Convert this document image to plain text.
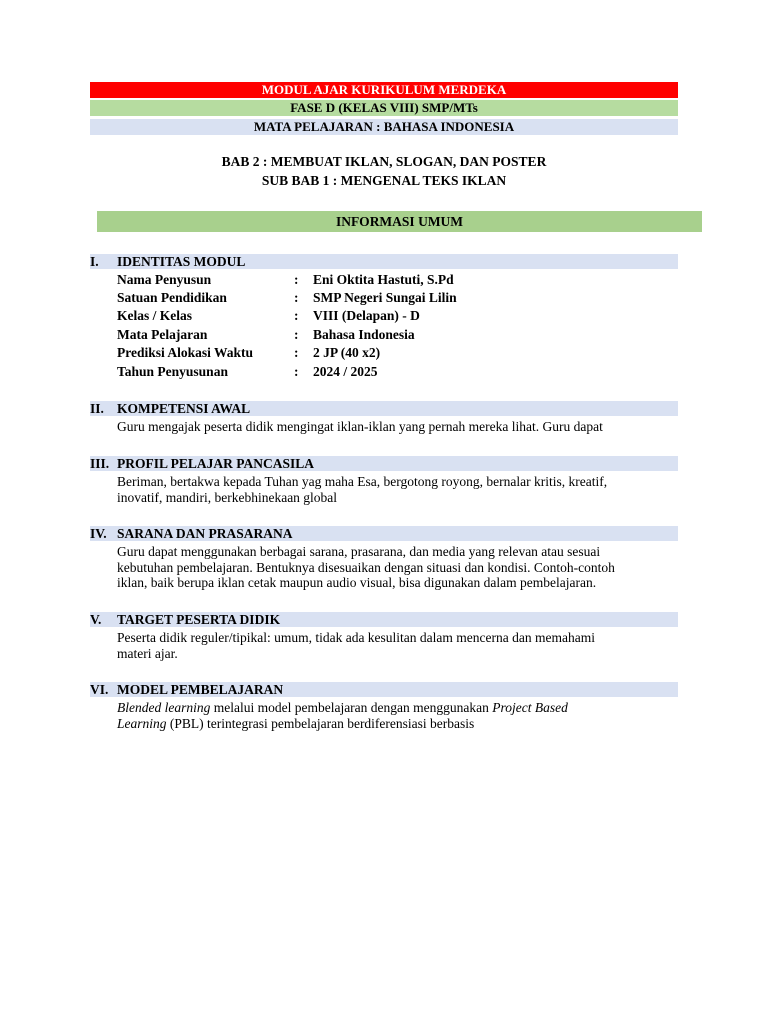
MODUL AJAR KURIKULUM MERDEKA
FASE D (KELAS VIII) SMP/MTs
MATA PELAJARAN : BAHASA INDONESIA
BAB 2 : MEMBUAT IKLAN, SLOGAN, DAN POSTER
SUB BAB 1 : MENGENAL TEKS IKLAN
INFORMASI UMUM
I. IDENTITAS MODUL
Nama Penyusun	: Eni Oktita Hastuti, S.Pd
Satuan Pendidikan	: SMP Negeri Sungai Lilin
Kelas / Kelas	: VIII (Delapan) - D
Mata Pelajaran	: Bahasa Indonesia
Prediksi Alokasi Waktu	: 2 JP (40 x2)
Tahun Penyusunan	: 2024 / 2025
II. KOMPETENSI AWAL

Guru mengajak peserta didik mengingat iklan-iklan yang pernah mereka lihat. Guru dapat

III. PROFIL PELAJAR PANCASILA

Beriman, bertakwa kepada Tuhan yag maha Esa, bergotong royong, bernalar kritis, kreatif,

inovatif, mandiri, berkebhinekaan global

IV. SARANA DAN PRASARANA

Guru dapat menggunakan berbagai sarana, prasarana, dan media yang relevan atau sesuai

kebutuhan pembelajaran. Bentuknya disesuaikan dengan situasi dan kondisi. Contoh-contoh

iklan, baik berupa iklan cetak maupun audio visual, bisa digunakan dalam pembelajaran.

V. TARGET PESERTA DIDIK

Peserta didik reguler/tipikal: umum, tidak ada kesulitan dalam mencerna dan memahami

materi ajar.

VI. MODEL PEMBELAJARAN

Blended learning melalui model pembelajaran dengan menggunakan Project Based

Learning (PBL) terintegrasi pembelajaran berdiferensiasi berbasis
